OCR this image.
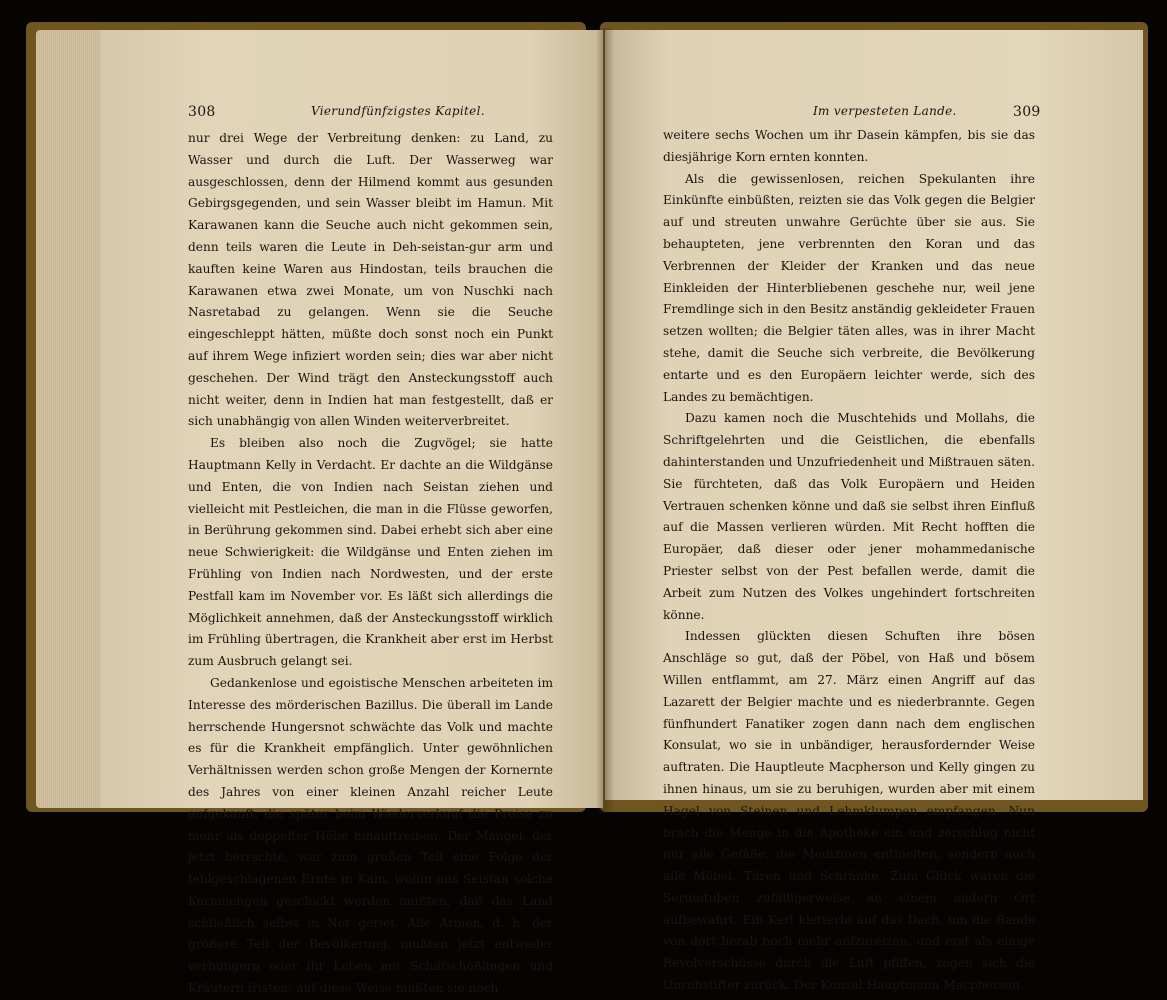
308	Vierundfünfzigstes Kapitel.

nur drei Wege der Verbreitung denken: zu Land, zu Wasser und durch die Luft. Der Wasserweg war ausgeschlossen, denn der Hilmend kommt aus gesunden Gebirgsgegenden, und sein Wasser bleibt im Hamun. Mit Karawanen kann die Seuche auch nicht gekommen sein, denn teils waren die Leute in Deh-seistan-gur arm und kauften keine Waren aus Hindostan, teils brauchen die Karawanen etwa zwei Monate, um von Nuschki nach Nasretabad zu gelangen. Wenn sie die Seuche eingeschleppt hätten, müßte doch sonst noch ein Punkt auf ihrem Wege infiziert worden sein; dies war aber nicht geschehen. Der Wind trägt den Ansteckungsstoff auch nicht weiter, denn in Indien hat man festgestellt, daß er sich unabhängig von allen Winden weiterverbreitet.

Es bleiben also noch die Zugvögel; sie hatte Hauptmann Kelly in Verdacht. Er dachte an die Wildgänse und Enten, die von Indien nach Seistan ziehen und vielleicht mit Pestleichen, die man in die Flüsse geworfen, in Berührung gekommen sind. Dabei erhebt sich aber eine neue Schwierigkeit: die Wildgänse und Enten ziehen im Frühling von Indien nach Nordwesten, und der erste Pestfall kam im November vor. Es läßt sich allerdings die Möglichkeit annehmen, daß der Ansteckungsstoff wirklich im Frühling übertragen, die Krankheit aber erst im Herbst zum Ausbruch gelangt sei.

Gedankenlose und egoistische Menschen arbeiteten im Interesse des mörderischen Bazillus. Die überall im Lande herrschende Hungersnot schwächte das Volk und machte es für die Krankheit empfänglich. Unter gewöhnlichen Verhältnissen werden schon große Mengen der Kornernte des Jahres von einer kleinen Anzahl reicher Leute aufgekauft, die später beim Wiederverkauf die Preise zu mehr als doppelter Höhe hinauftreiben. Der Mangel, der jetzt herrschte, war zum großen Teil eine Folge der fehlgeschlagenen Ernte in Kain, wohin aus Seistan solche Kornmengen geschickt werden mußten, daß das Land schließlich selbst in Not geriet. Alle Armen, d. h. der größere Teil der Bevölkerung, mußten jetzt entweder verhungern oder ihr Leben mit Schilfschößlingen und Kräutern fristen; auf diese Weise mußten sie noch

Im verpesteten Lande.	309

weitere sechs Wochen um ihr Dasein kämpfen, bis sie das diesjährige Korn ernten konnten.

Als die gewissenlosen, reichen Spekulanten ihre Einkünfte einbüßten, reizten sie das Volk gegen die Belgier auf und streuten unwahre Gerüchte über sie aus. Sie behaupteten, jene verbrennten den Koran und das Verbrennen der Kleider der Kranken und das neue Einkleiden der Hinterbliebenen geschehe nur, weil jene Fremdlinge sich in den Besitz anständig gekleideter Frauen setzen wollten; die Belgier täten alles, was in ihrer Macht stehe, damit die Seuche sich verbreite, die Bevölkerung entarte und es den Europäern leichter werde, sich des Landes zu bemächtigen.

Dazu kamen noch die Muschtehids und Mollahs, die Schriftgelehrten und die Geistlichen, die ebenfalls dahinterstanden und Unzufriedenheit und Mißtrauen säten. Sie fürchteten, daß das Volk Europäern und Heiden Vertrauen schenken könne und daß sie selbst ihren Einfluß auf die Massen verlieren würden. Mit Recht hofften die Europäer, daß dieser oder jener mohammedanische Priester selbst von der Pest befallen werde, damit die Arbeit zum Nutzen des Volkes ungehindert fortschreiten könne.

Indessen glückten diesen Schuften ihre bösen Anschläge so gut, daß der Pöbel, von Haß und bösem Willen entflammt, am 27. März einen Angriff auf das Lazarett der Belgier machte und es niederbrannte. Gegen fünfhundert Fanatiker zogen dann nach dem englischen Konsulat, wo sie in unbändiger, herausfordernder Weise auftraten. Die Hauptleute Macpherson und Kelly gingen zu ihnen hinaus, um sie zu beruhigen, wurden aber mit einem Hagel von Steinen und Lehmklumpen empfangen. Nun brach die Menge in die Apotheke ein und zerschlug nicht nur alle Gefäße, die Medizinen enthielten, sondern auch alle Möbel, Türen und Schränke. Zum Glück waren die Serumtuben zufälligerweise an einem andern Ort aufbewahrt. Ein Kerl kletterte auf das Dach, um die Bande von dort herab noch mehr aufzureizen, und erst als einige Revolverschüsse durch die Luft pfiffen, zogen sich die Unruhstifter zurück. Der Konsul Hauptmann Macpherson
